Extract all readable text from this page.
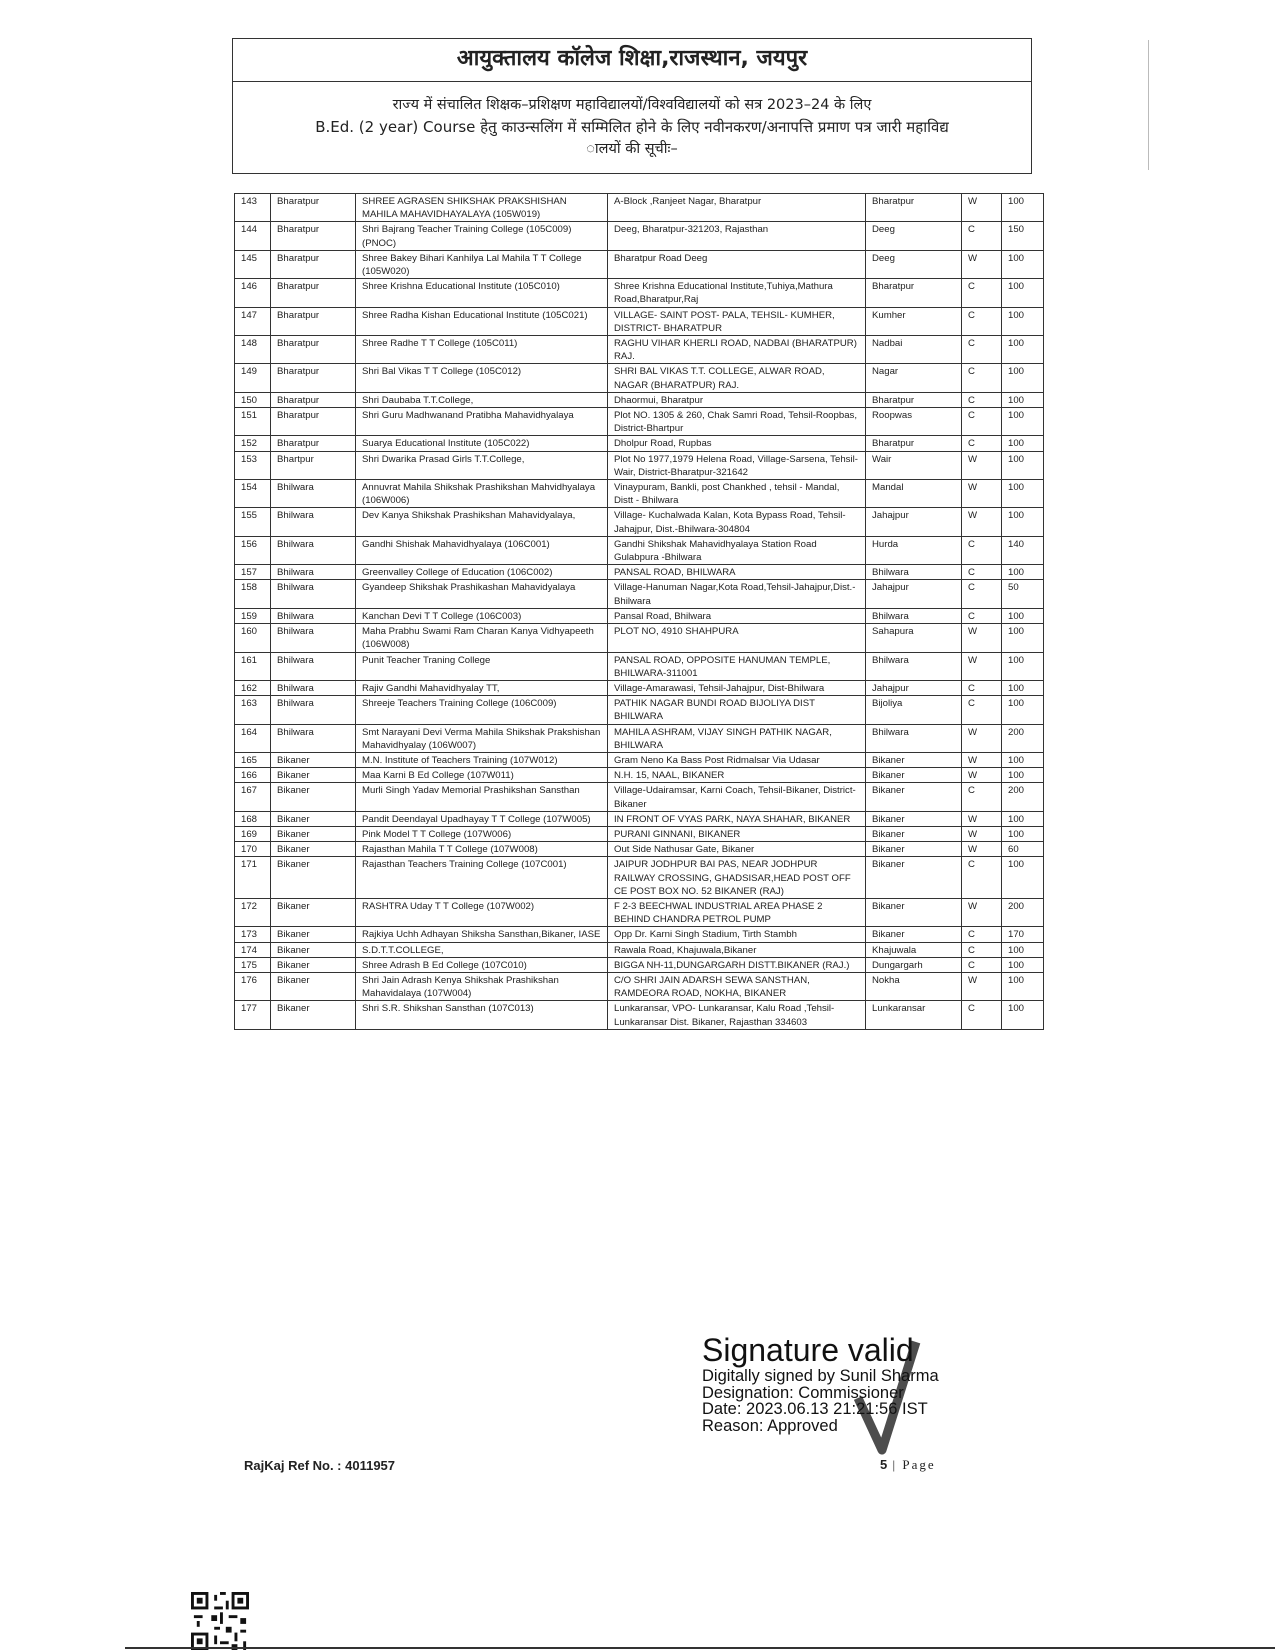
आयुक्तालय कॉलेज शिक्षा,राजस्थान, जयपुर
राज्य में संचालित शिक्षक–प्रशिक्षण महाविद्यालयों/विश्वविद्यालयों को सत्र 2023–24 के लिए
B.Ed. (2 year) Course हेतु काउन्सलिंग में सम्मिलित होने के लिए नवीनकरण/अनापत्ति प्रमाण पत्र जारी महाविद्य
ालयों की सूचीः–
143	Bharatpur	SHREE AGRASEN SHIKSHAK PRAKSHISHAN MAHILA MAHAVIDHAYALAYA (105W019)	A-Block ,Ranjeet Nagar, Bharatpur	Bharatpur	W	100
144	Bharatpur	Shri Bajrang Teacher Training College (105C009) (PNOC)	Deeg, Bharatpur-321203, Rajasthan	Deeg	C	150
145	Bharatpur	Shree Bakey Bihari Kanhilya Lal Mahila T T College (105W020)	Bharatpur Road Deeg	Deeg	W	100
146	Bharatpur	Shree Krishna Educational Institute (105C010)	Shree Krishna Educational Institute,Tuhiya,Mathura Road,Bharatpur,Raj	Bharatpur	C	100
147	Bharatpur	Shree Radha Kishan Educational Institute (105C021)	VILLAGE- SAINT POST- PALA, TEHSIL- KUMHER, DISTRICT- BHARATPUR	Kumher	C	100
148	Bharatpur	Shree Radhe T T College (105C011)	RAGHU VIHAR KHERLI ROAD, NADBAI (BHARATPUR) RAJ.	Nadbai	C	100
149	Bharatpur	Shri Bal Vikas T T College (105C012)	SHRI BAL VIKAS T.T. COLLEGE, ALWAR ROAD, NAGAR (BHARATPUR) RAJ.	Nagar	C	100
150	Bharatpur	Shri Daubaba T.T.College,	Dhaormui, Bharatpur	Bharatpur	C	100
151	Bharatpur	Shri Guru Madhwanand Pratibha Mahavidhyalaya	Plot NO. 1305 & 260, Chak Samri Road, Tehsil-Roopbas, District-Bhartpur	Roopwas	C	100
152	Bharatpur	Suarya Educational Institute (105C022)	Dholpur Road, Rupbas	Bharatpur	C	100
153	Bhartpur	Shri Dwarika Prasad Girls T.T.College,	Plot No 1977,1979 Helena Road, Village-Sarsena, Tehsil-Wair, District-Bharatpur-321642	Wair	W	100
154	Bhilwara	Annuvrat Mahila Shikshak Prashikshan Mahvidhyalaya (106W006)	Vinaypuram, Bankli, post Chankhed , tehsil - Mandal, Distt - Bhilwara	Mandal	W	100
155	Bhilwara	Dev Kanya Shikshak Prashikshan Mahavidyalaya,	Village- Kuchalwada Kalan, Kota Bypass Road, Tehsil- Jahajpur, Dist.-Bhilwara-304804	Jahajpur	W	100
156	Bhilwara	Gandhi Shishak Mahavidhyalaya (106C001)	Gandhi Shikshak Mahavidhyalaya Station Road Gulabpura -Bhilwara	Hurda	C	140
157	Bhilwara	Greenvalley College of Education (106C002)	PANSAL ROAD, BHILWARA	Bhilwara	C	100
158	Bhilwara	Gyandeep Shikshak Prashikashan Mahavidyalaya	Village-Hanuman Nagar,Kota Road,Tehsil-Jahajpur,Dist.-Bhilwara	Jahajpur	C	50
159	Bhilwara	Kanchan Devi T T College (106C003)	Pansal Road, Bhilwara	Bhilwara	C	100
160	Bhilwara	Maha Prabhu Swami Ram Charan Kanya Vidhyapeeth (106W008)	PLOT NO, 4910 SHAHPURA	Sahapura	W	100
161	Bhilwara	Punit Teacher Traning College	PANSAL ROAD, OPPOSITE HANUMAN TEMPLE, BHILWARA-311001	Bhilwara	W	100
162	Bhilwara	Rajiv Gandhi Mahavidhyalay TT,	Village-Amarawasi, Tehsil-Jahajpur, Dist-Bhilwara	Jahajpur	C	100
163	Bhilwara	Shreeje Teachers Training College (106C009)	PATHIK NAGAR BUNDI ROAD BIJOLIYA DIST BHILWARA	Bijoliya	C	100
164	Bhilwara	Smt Narayani Devi Verma Mahila Shikshak Prakshishan Mahavidhyalay (106W007)	MAHILA ASHRAM, VIJAY SINGH PATHIK NAGAR, BHILWARA	Bhilwara	W	200
165	Bikaner	M.N. Institute of Teachers Training (107W012)	Gram Neno Ka Bass Post Ridmalsar Via Udasar	Bikaner	W	100
166	Bikaner	Maa Karni B Ed College (107W011)	N.H. 15, NAAL, BIKANER	Bikaner	W	100
167	Bikaner	Murli Singh Yadav Memorial Prashikshan Sansthan	Village-Udairamsar, Karni Coach, Tehsil-Bikaner, District-Bikaner	Bikaner	C	200
168	Bikaner	Pandit Deendayal Upadhayay T T College (107W005)	IN FRONT OF VYAS PARK, NAYA SHAHAR, BIKANER	Bikaner	W	100
169	Bikaner	Pink Model T T College (107W006)	PURANI GINNANI, BIKANER	Bikaner	W	100
170	Bikaner	Rajasthan Mahila T T College (107W008)	Out Side Nathusar Gate, Bikaner	Bikaner	W	60
171	Bikaner	Rajasthan Teachers Training College (107C001)	JAIPUR JODHPUR BAI PAS, NEAR JODHPUR RAILWAY CROSSING, GHADSISAR,HEAD POST OFF CE POST BOX NO. 52 BIKANER (RAJ)	Bikaner	C	100
172	Bikaner	RASHTRA Uday T T College (107W002)	F 2-3 BEECHWAL INDUSTRIAL AREA PHASE 2 BEHIND CHANDRA PETROL PUMP	Bikaner	W	200
173	Bikaner	Rajkiya Uchh Adhayan Shiksha Sansthan,Bikaner, IASE	Opp Dr. Karni Singh Stadium, Tirth Stambh	Bikaner	C	170
174	Bikaner	S.D.T.T.COLLEGE,	Rawala Road, Khajuwala,Bikaner	Khajuwala	C	100
175	Bikaner	Shree Adrash B Ed College (107C010)	BIGGA NH-11,DUNGARGARH DISTT.BIKANER (RAJ.)	Dungargarh	C	100
176	Bikaner	Shri Jain Adrash Kenya Shikshak Prashikshan Mahavidalaya (107W004)	C/O SHRI JAIN ADARSH SEWA SANSTHAN, RAMDEORA ROAD, NOKHA, BIKANER	Nokha	W	100
177	Bikaner	Shri S.R. Shikshan Sansthan (107C013)	Lunkaransar, VPO- Lunkaransar, Kalu Road ,Tehsil- Lunkaransar Dist. Bikaner, Rajasthan 334603	Lunkaransar	C	100
Signature valid
Digitally signed by Sunil Sharma
Designation: Commissioner
Date: 2023.06.13 21:21:56 IST
Reason: Approved
RajKaj Ref No. : 4011957	5 | Page
